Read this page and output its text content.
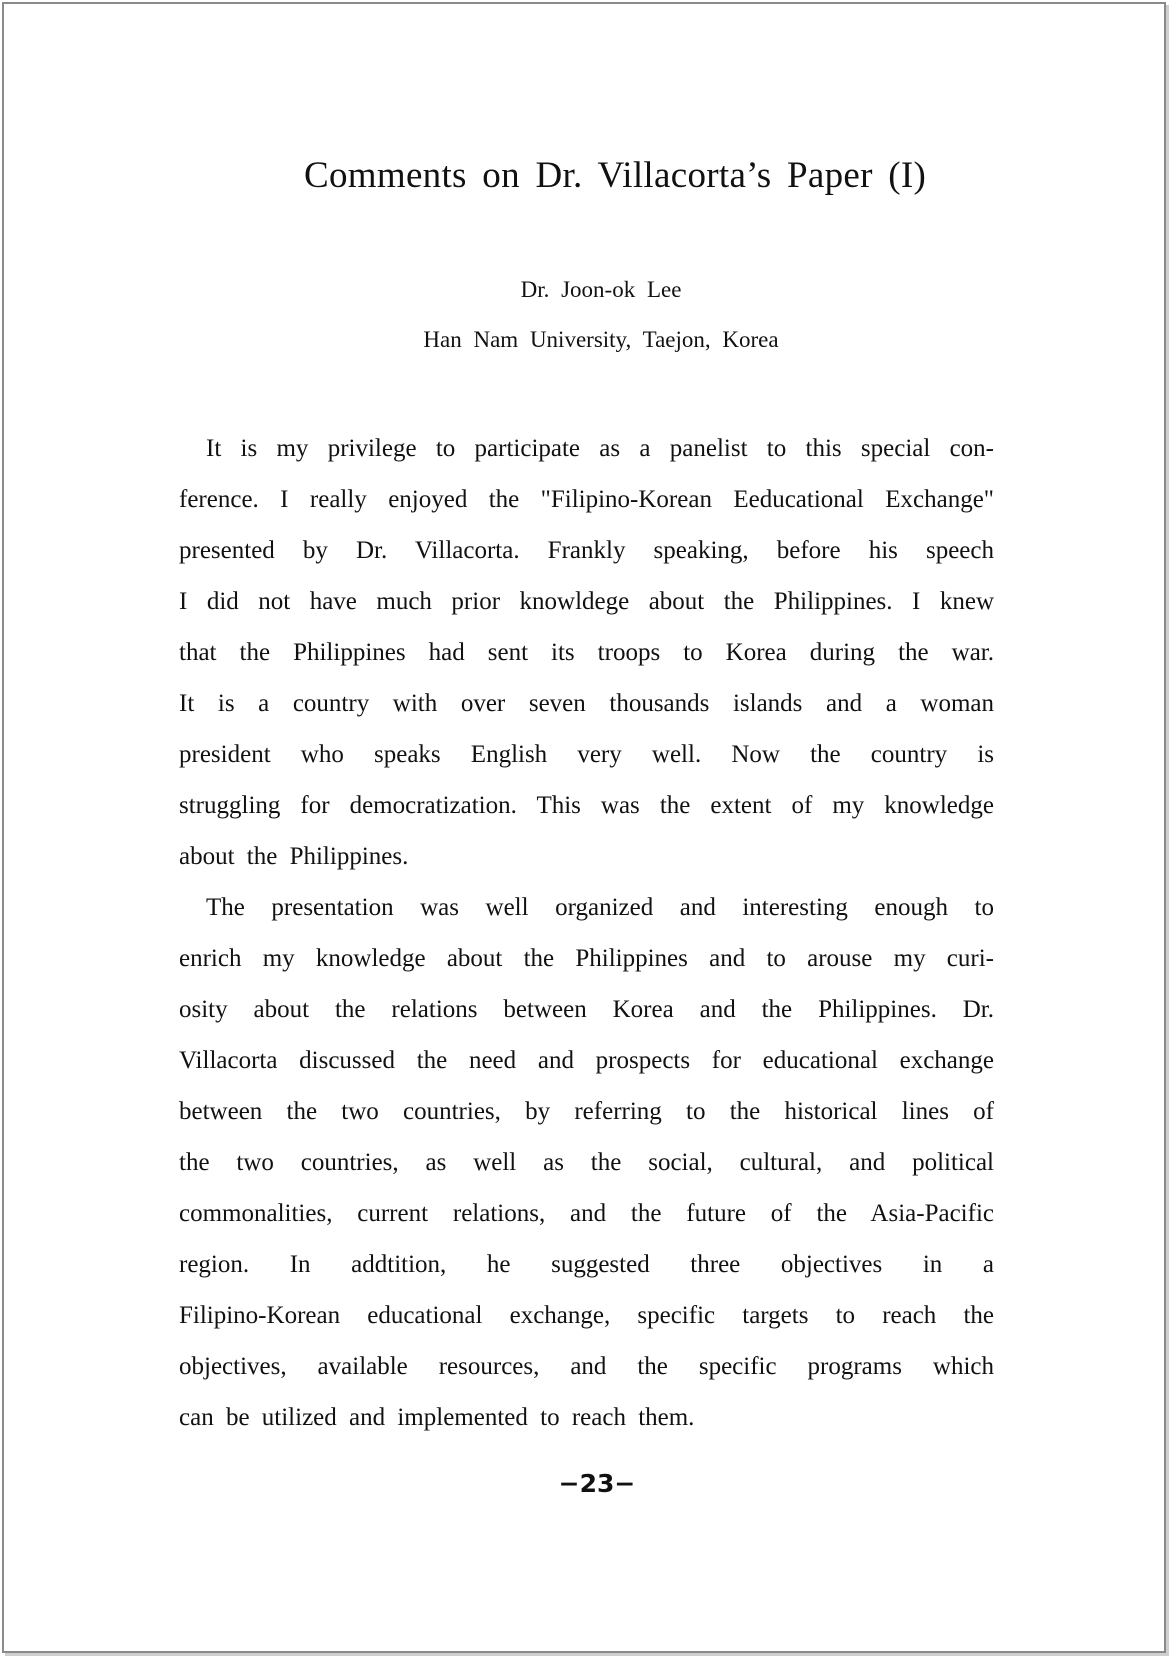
Comments on Dr. Villacorta’s Paper (I)
Dr. Joon-ok Lee
Han Nam University, Taejon, Korea
It is my privilege to participate as a panelist to this special con-
ference. I really enjoyed the "Filipino-Korean Eeducational Exchange"
presented by Dr. Villacorta. Frankly speaking, before his speech
I did not have much prior knowldege about the Philippines. I knew
that the Philippines had sent its troops to Korea during the war.
It is a country with over seven thousands islands and a woman
president who speaks English very well. Now the country is
struggling for democratization. This was the extent of my knowledge
about the Philippines.
The presentation was well organized and interesting enough to
enrich my knowledge about the Philippines and to arouse my curi-
osity about the relations between Korea and the Philippines. Dr.
Villacorta discussed the need and prospects for educational exchange
between the two countries, by referring to the historical lines of
the two countries, as well as the social, cultural, and political
commonalities, current relations, and the future of the Asia-Pacific
region. In addtition, he suggested three objectives in a
Filipino-Korean educational exchange, specific targets to reach the
objectives, available resources, and the specific programs which
can be utilized and implemented to reach them.
−23−
